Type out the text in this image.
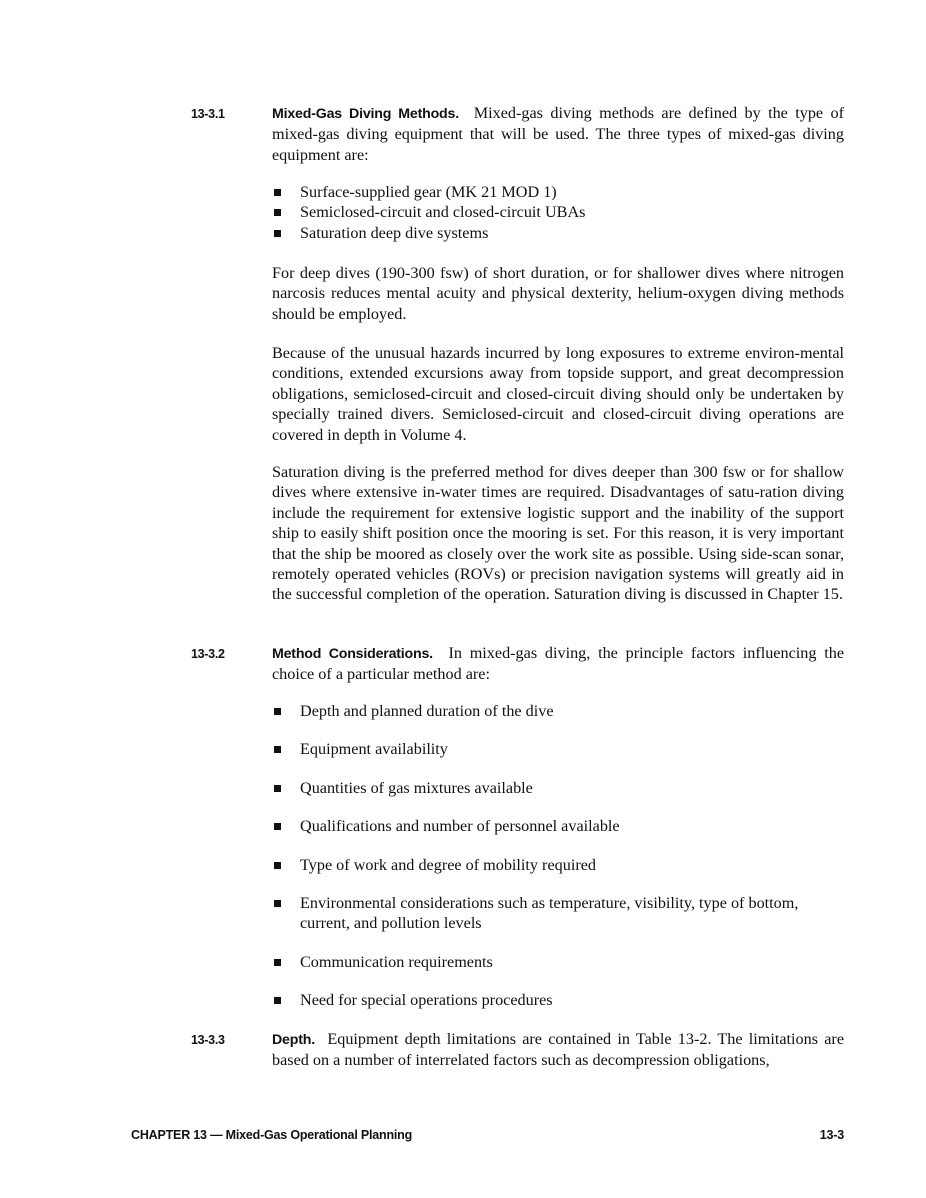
13-3.1	Mixed-Gas Diving Methods. Mixed-gas diving methods are defined by the type of mixed-gas diving equipment that will be used. The three types of mixed-gas diving equipment are:

Surface-supplied gear (MK 21 MOD 1)
Semiclosed-circuit and closed-circuit UBAs
Saturation deep dive systems

For deep dives (190-300 fsw) of short duration, or for shallower dives where nitrogen narcosis reduces mental acuity and physical dexterity, helium-oxygen diving methods should be employed.

Because of the unusual hazards incurred by long exposures to extreme environ-mental conditions, extended excursions away from topside support, and great decompression obligations, semiclosed-circuit and closed-circuit diving should only be undertaken by specially trained divers. Semiclosed-circuit and closed-circuit diving operations are covered in depth in Volume 4.

Saturation diving is the preferred method for dives deeper than 300 fsw or for shallow dives where extensive in-water times are required. Disadvantages of satu-ration diving include the requirement for extensive logistic support and the inability of the support ship to easily shift position once the mooring is set. For this reason, it is very important that the ship be moored as closely over the work site as possible. Using side-scan sonar, remotely operated vehicles (ROVs) or precision navigation systems will greatly aid in the successful completion of the operation. Saturation diving is discussed in Chapter 15.

13-3.2	Method Considerations. In mixed-gas diving, the principle factors influencing the choice of a particular method are:

Depth and planned duration of the dive
Equipment availability
Quantities of gas mixtures available
Qualifications and number of personnel available
Type of work and degree of mobility required
Environmental considerations such as temperature, visibility, type of bottom, current, and pollution levels
Communication requirements
Need for special operations procedures
13-3.3	Depth. Equipment depth limitations are contained in Table 13-2. The limitations are based on a number of interrelated factors such as decompression obligations,

CHAPTER 13 — Mixed-Gas Operational Planning	13-3
